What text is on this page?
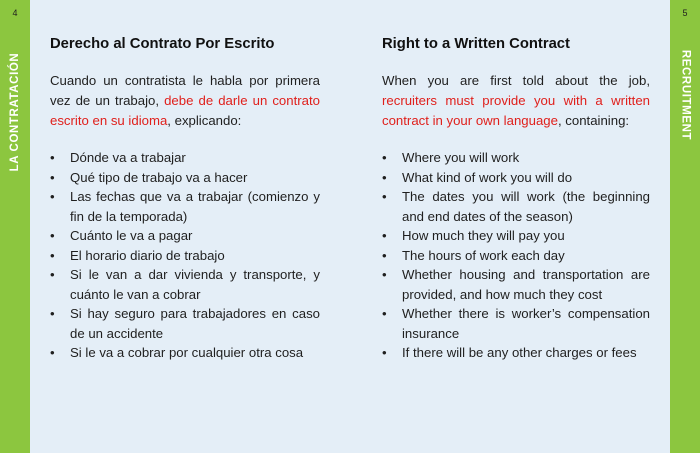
4
LA CONTRATACIÓN
5
RECRUITMENT
Derecho al Contrato Por Escrito

Cuando un contratista le habla por primera vez de un trabajo, debe de darle un contrato escrito en su idioma, explicando:

• Dónde va a trabajar
• Qué tipo de trabajo va a hacer
• Las fechas que va a trabajar (comienzo y fin de la temporada)
• Cuánto le va a pagar
• El horario diario de trabajo
• Si le van a dar vivienda y transporte, y cuánto le van a cobrar
• Si hay seguro para trabajadores en caso de un accidente
• Si le va a cobrar por cualquier otra cosa
Right to a Written Contract

When you are first told about the job, recruiters must provide you with a written contract in your own language, containing:

• Where you will work
• What kind of work you will do
• The dates you will work (the beginning and end dates of the season)
• How much they will pay you
• The hours of work each day
• Whether housing and transportation are provided, and how much they cost
• Whether there is worker’s compensation insurance
• If there will be any other charges or fees
